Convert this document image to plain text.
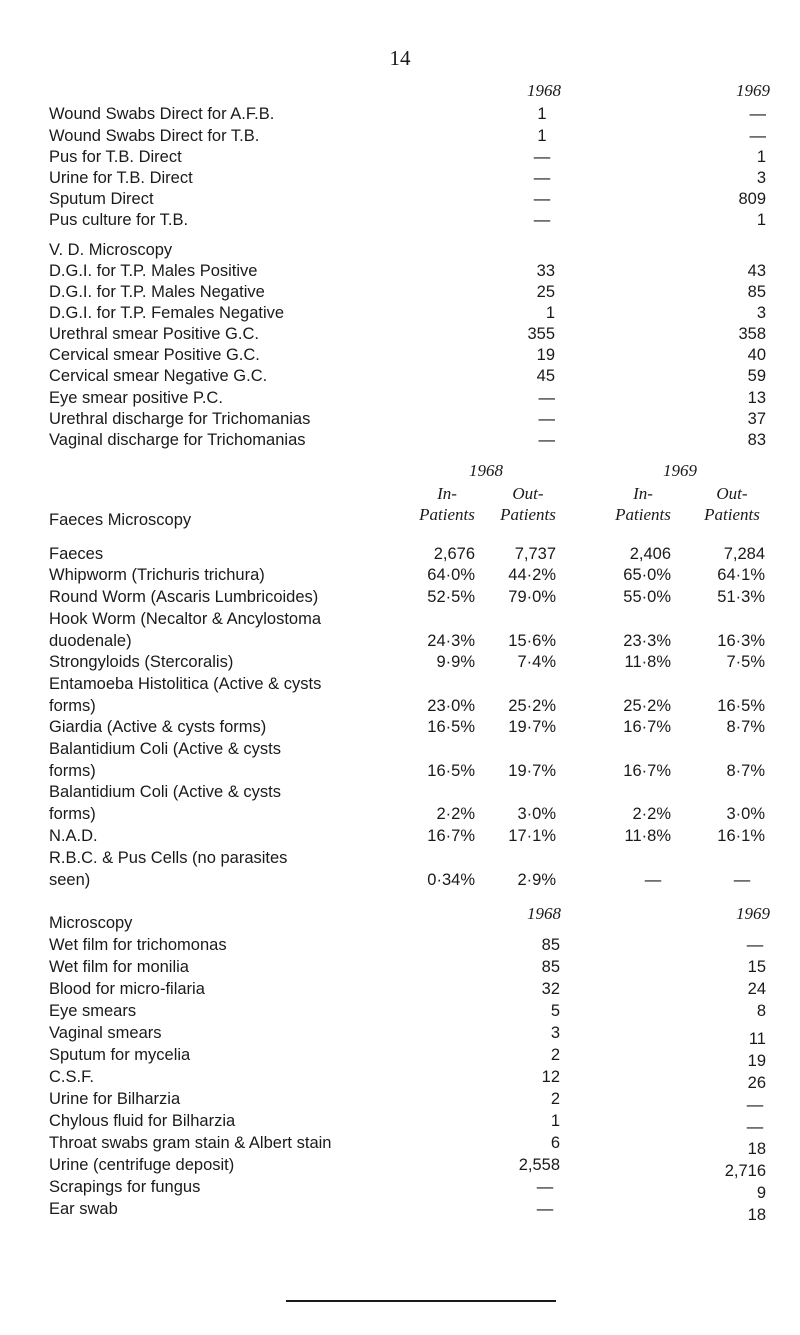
14
1968	1969
Wound Swabs Direct for A.F.B.	1	—
Wound Swabs Direct for T.B.	1	—
Pus for T.B. Direct	—	1
Urine for T.B. Direct	—	3
Sputum Direct	—	809
Pus culture for T.B.	—	1
V. D. Microscopy
D.G.I. for T.P. Males Positive	33	43
D.G.I. for T.P. Males Negative	25	85
D.G.I. for T.P. Females Negative	1	3
Urethral smear Positive G.C.	355	358
Cervical smear Positive G.C.	19	40
Cervical smear Negative G.C.	45	59
Eye smear positive P.C.	—	13
Urethral discharge for Trichomanias	—	37
Vaginal discharge for Trichomanias	—	83
1968	1969
In-	Out-	In-	Out-
Patients	Patients	Patients	Patients
Faeces Microscopy
Faeces	2,676	7,737	2,406	7,284
Whipworm (Trichuris trichura)	64·0%	44·2%	65·0%	64·1%
Round Worm (Ascaris Lumbricoides)	52·5%	79·0%	55·0%	51·3%
Hook Worm (Necaltor & Ancylostoma
duodenale)	24·3%	15·6%	23·3%	16·3%
Strongyloids (Stercoralis)	9·9%	7·4%	11·8%	7·5%
Entamoeba Histolitica (Active & cysts
forms)	23·0%	25·2%	25·2%	16·5%
Giardia (Active & cysts forms)	16·5%	19·7%	16·7%	8·7%
Balantidium Coli (Active & cysts
forms)	16·5%	19·7%	16·7%	8·7%
Balantidium Coli (Active & cysts
forms)	2·2%	3·0%	2·2%	3·0%
N.A.D.	16·7%	17·1%	11·8%	16·1%
R.B.C. & Pus Cells (no parasites
seen)	0·34%	2·9%	—	—
1968	1969
Microscopy
Wet film for trichomonas	85	—
Wet film for monilia	85	15
Blood for micro-filaria	32	24
Eye smears	5	8
Vaginal smears	3	11
Sputum for mycelia	2	19
C.S.F.	12	26
Urine for Bilharzia	2	—
Chylous fluid for Bilharzia	1	—
Throat swabs gram stain & Albert stain	6	18
Urine (centrifuge deposit)	2,558	2,716
Scrapings for fungus	—	9
Ear swab	—	18
